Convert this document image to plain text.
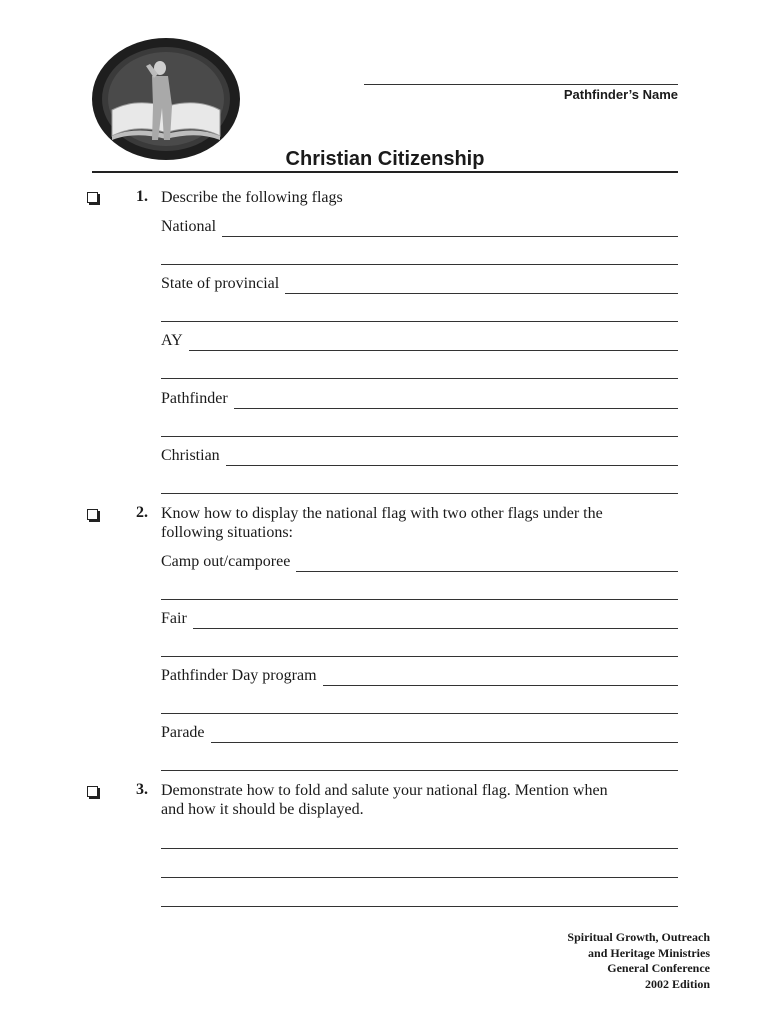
Pathfinder’s Name
Christian Citizenship
1. Describe the following flags
National
State of provincial
AY
Pathfinder
Christian
2. Know how to display the national flag with two other flags under the
following situations:
Camp out/camporee
Fair
Pathfinder Day program
Parade
3. Demonstrate how to fold and salute your national flag. Mention when
and how it should be displayed.
Spiritual Growth, Outreach
and Heritage Ministries
General Conference
2002 Edition
